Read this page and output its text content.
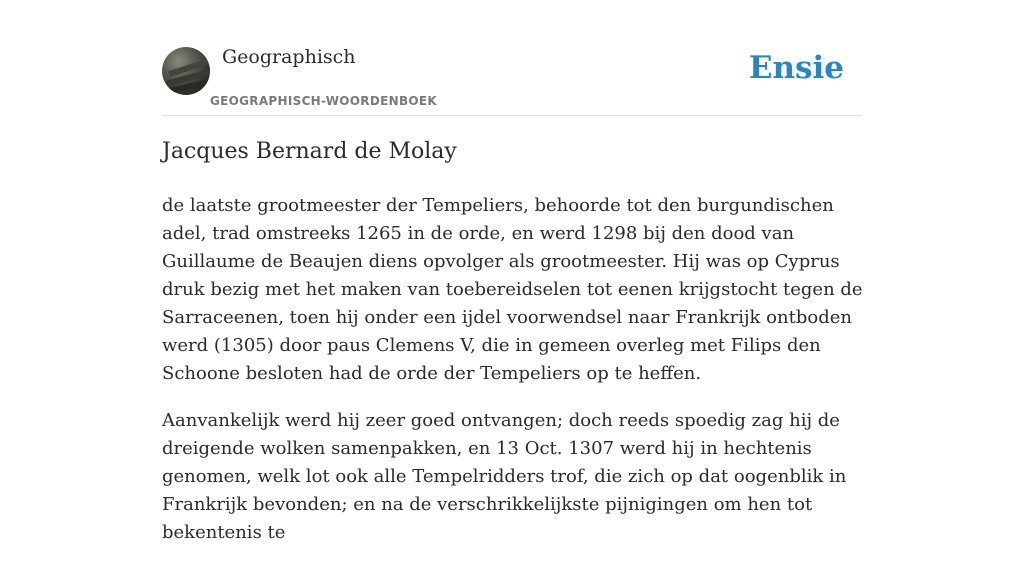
Geographisch
GEOGRAPHISCH-WOORDENBOEK
Ensie
Jacques Bernard de Molay

de laatste grootmeester der Tempeliers, behoorde tot den burgundischen adel, trad omstreeks 1265 in de orde, en werd 1298 bij den dood van Guillaume de Beaujen diens opvolger als grootmeester. Hij was op Cyprus druk bezig met het maken van toebereidselen tot eenen krijgstocht tegen de Sarraceenen, toen hij onder een ijdel voorwendsel naar Frankrijk ontboden werd (1305) door paus Clemens V, die in gemeen overleg met Filips den Schoone besloten had de orde der Tempeliers op te heffen.

Aanvankelijk werd hij zeer goed ontvangen; doch reeds spoedig zag hij de dreigende wolken samenpakken, en 13 Oct. 1307 werd hij in hechtenis genomen, welk lot ook alle Tempelridders trof, die zich op dat oogenblik in Frankrijk bevonden; en na de verschrikkelijkste pijnigingen om hen tot bekentenis te
